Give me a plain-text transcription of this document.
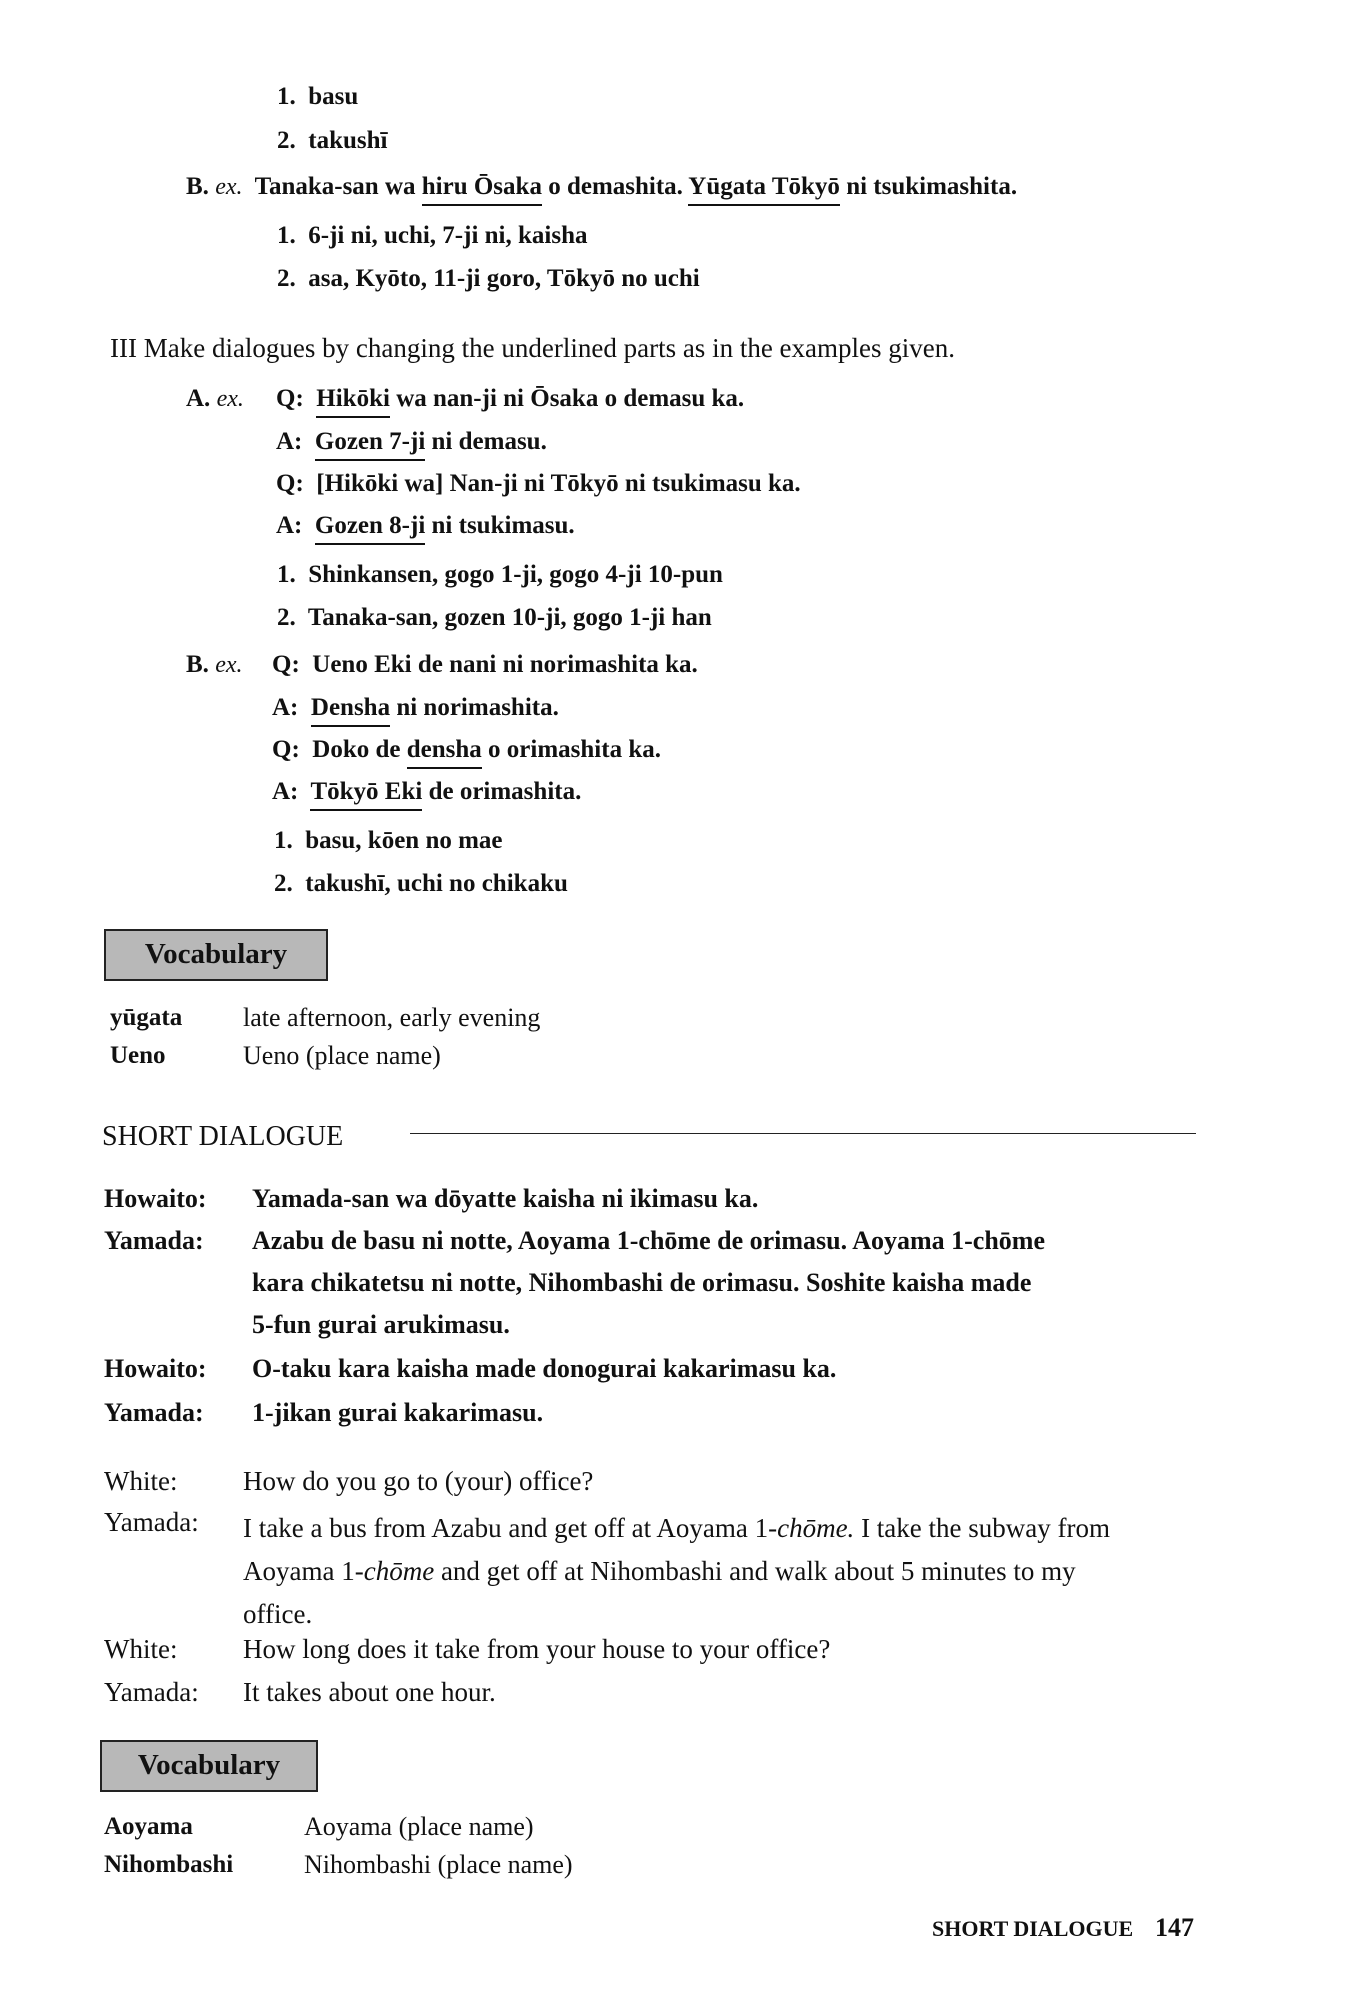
1. basu
2. takushī
B. ex. Tanaka-san wa hiru Ōsaka o demashita. Yūgata Tōkyō ni tsukimashita.
1. 6-ji ni, uchi, 7-ji ni, kaisha
2. asa, Kyōto, 11-ji goro, Tōkyō no uchi
III Make dialogues by changing the underlined parts as in the examples given.
A. ex. Q: Hikōki wa nan-ji ni Ōsaka o demasu ka.
A: Gozen 7-ji ni demasu.
Q: [Hikōki wa] Nan-ji ni Tōkyō ni tsukimasu ka.
A: Gozen 8-ji ni tsukimasu.
1. Shinkansen, gogo 1-ji, gogo 4-ji 10-pun
2. Tanaka-san, gozen 10-ji, gogo 1-ji han
B. ex. Q: Ueno Eki de nani ni norimashita ka.
A: Densha ni norimashita.
Q: Doko de densha o orimashita ka.
A: Tōkyō Eki de orimashita.
1. basu, kōen no mae
2. takushī, uchi no chikaku
Vocabulary
yūgata late afternoon, early evening
Ueno	Ueno (place name)
SHORT DIALOGUE
Howaito: Yamada-san wa dōyatte kaisha ni ikimasu ka.
Yamada: Azabu de basu ni notte, Aoyama 1-chōme de orimasu. Aoyama 1-chōme
kara chikatetsu ni notte, Nihombashi de orimasu. Soshite kaisha made
5-fun gurai arukimasu.
Howaito: O-taku kara kaisha made donogurai kakarimasu ka.
Yamada: 1-jikan gurai kakarimasu.
White: How do you go to (your) office?
Yamada: I take a bus from Azabu and get off at Aoyama 1-chōme. I take the subway from
Aoyama 1-chōme and get off at Nihombashi and walk about 5 minutes to my
office.
White: How long does it take from your house to your office?
Yamada: It takes about one hour.
Vocabulary
Aoyama	Aoyama (place name)
Nihombashi	Nihombashi (place name)
SHORT DIALOGUE 147
